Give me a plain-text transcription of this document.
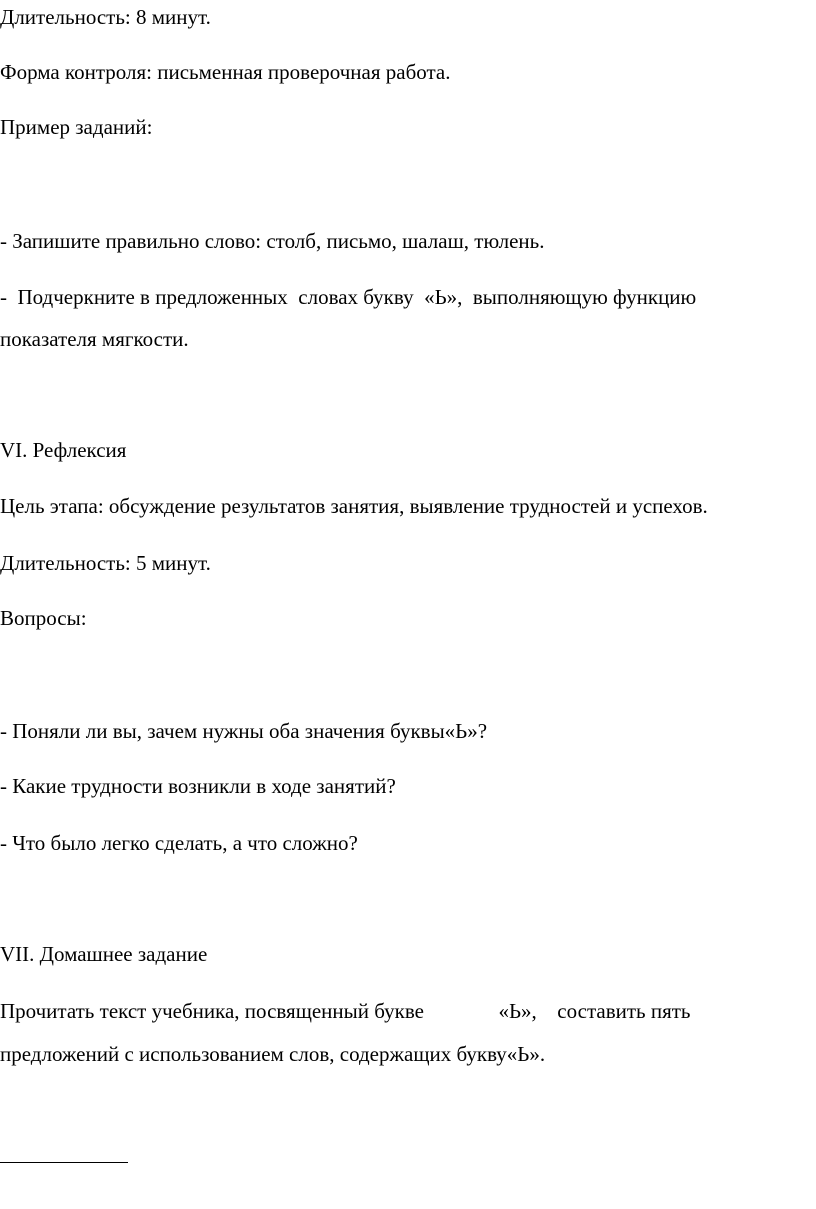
Длительность: 8 минут.

Форма контроля: письменная проверочная работа.

Пример заданий:

- Запишите правильно слово: столб, письмо, шалаш, тюлень.

-  Подчеркните в предложенных  словах букву  «Ь»,  выполняющую функцию

показателя мягкости.

VI. Рефлексия

Цель этапа: обсуждение результатов занятия, выявление трудностей и успехов.

Длительность: 5 минут.

Вопросы:

- Поняли ли вы, зачем нужны оба значения буквы«Ь»?

- Какие трудности возникли в ходе занятий?

- Что было легко сделать, а что сложно?

VII. Домашнее задание

Прочитать текст учебника, посвященный букве	«Ь», составить пять

предложений с использованием слов, содержащих букву«Ь».
